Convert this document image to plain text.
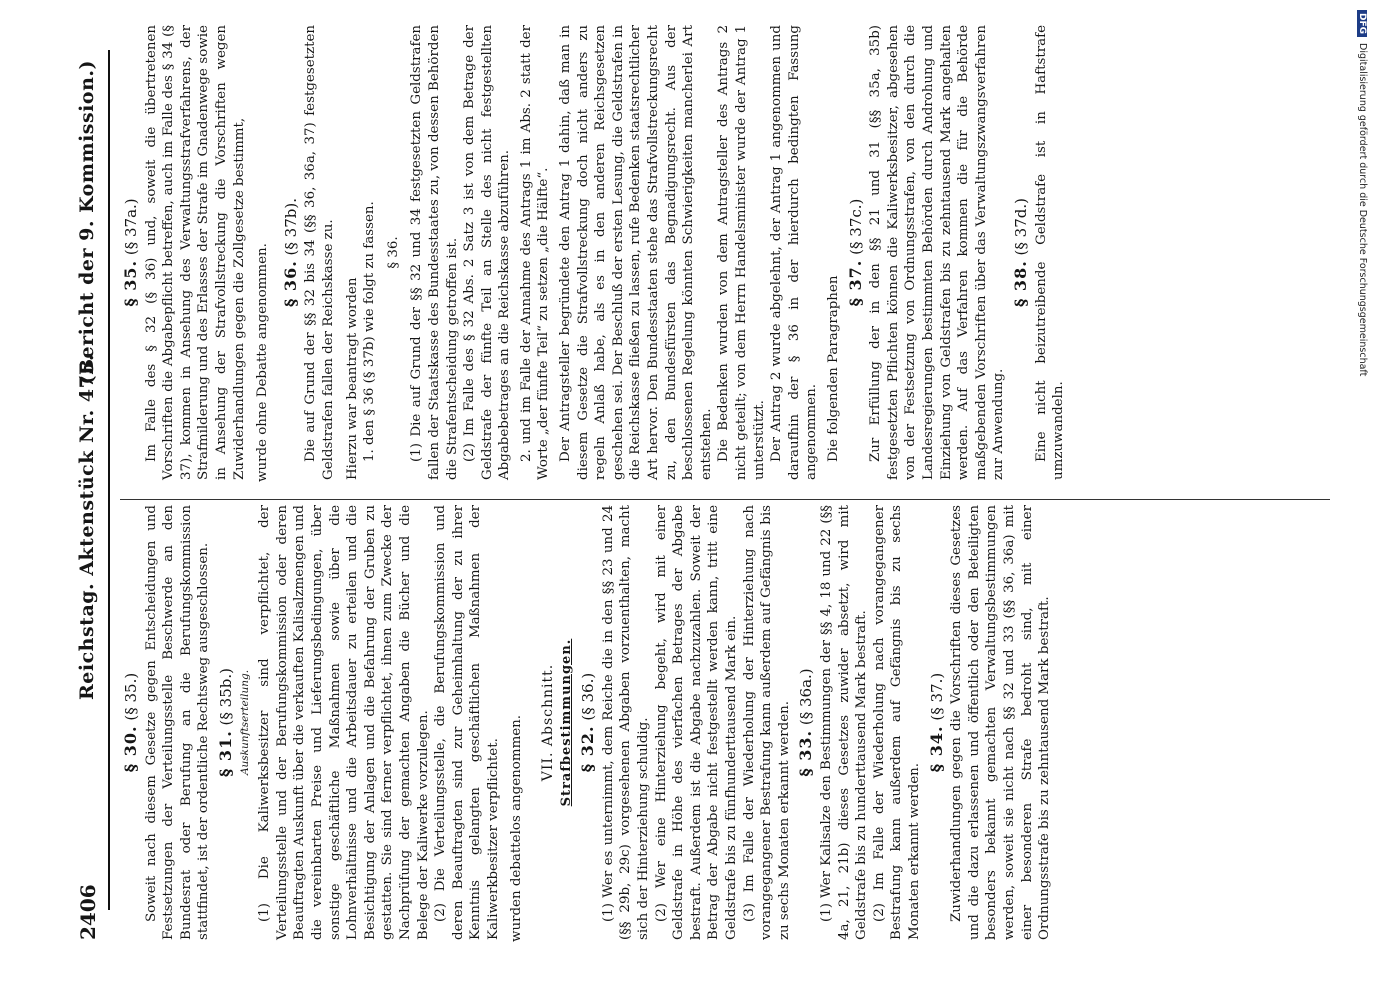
2406
Reichstag. Aktenstück Nr. 475.
(Bericht der 9. Kommission.)
§ 30. (§ 35.) Soweit nach diesem Gesetze gegen Entscheidungen und Festsetzungen der Verteilungsstelle Beschwerde an den Bundesrat oder Berufung an die Berufungskommission stattfindet, ist der ordentliche Rechtsweg ausgeschlossen. § 31. (§ 35b.) Auskunftserteilung. (1) Die Kaliwerksbesitzer sind verpflichtet, der Verteilungsstelle und der Berufungskommission oder deren Beauftragten Auskunft über die verkauften Kalisalzmengen und die vereinbarten Preise und Lieferungsbedingungen, über sonstige geschäftliche Maßnahmen sowie über die Lohnverhältnisse und die Arbeitsdauer zu erteilen und die Besichtigung der Anlagen und die Befahrung der Gruben zu gestatten. Sie sind ferner verpflichtet, ihnen zum Zwecke der Nachprüfung der gemachten Angaben die Bücher und die Belege der Kaliwerke vorzulegen. (2) Die Verteilungsstelle, die Berufungskommission und deren Beauftragten sind zur Geheimhaltung der zu ihrer Kenntnis gelangten geschäftlichen Maßnahmen der Kaliwerkbesitzer verpflichtet. wurden debattelos angenommen. VII. Abschnitt. Strafbestimmungen. § 32. (§ 36.) (1) Wer es unternimmt, dem Reiche die in den §§ 23 und 24 (§§ 29b, 29c) vorgesehenen Abgaben vorzuenthalten, macht sich der Hinterziehung schuldig. (2) Wer eine Hinterziehung begeht, wird mit einer Geldstrafe in Höhe des vierfachen Betrages der Abgabe bestraft. Außerdem ist die Abgabe nachzuzahlen. Soweit der Betrag der Abgabe nicht festgestellt werden kann, tritt eine Geldstrafe bis zu fünfhunderttausend Mark ein. (3) Im Falle der Wiederholung der Hinterziehung nach vorangegangener Bestrafung kann außerdem auf Gefängnis bis zu sechs Monaten erkannt werden. § 33. (§ 36a.) (1) Wer Kalisalze den Bestimmungen der §§ 4, 18 und 22 (§§ 4a, 21, 21b) dieses Gesetzes zuwider absetzt, wird mit Geldstrafe bis zu hunderttausend Mark bestraft. (2) Im Falle der Wiederholung nach vorangegangener Bestrafung kann außerdem auf Gefängnis bis zu sechs Monaten erkannt werden.

§ 34. (§ 37.) Zuwiderhandlungen gegen die Vorschriften dieses Gesetzes und die dazu erlassenen und öffentlich oder den Beteiligten besonders bekannt gemachten Verwaltungsbestimmungen werden, soweit sie nicht nach §§ 32 und 33 (§§ 36, 36a) mit einer besonderen Strafe bedroht sind, mit einer Ordnungsstrafe bis zu zehntausend Mark bestraft.

§ 35. (§ 37a.) Im Falle des § 32 (§ 36) und, soweit die übertretenen Vorschriften die Abgabepflicht betreffen, auch im Falle des § 34 (§ 37), kommen in Ansehung des Verwaltungsstrafverfahrens, der Strafmilderung und des Erlasses der Strafe im Gnadenwege sowie in Ansehung der Strafvollstreckung die Vorschriften wegen Zuwiderhandlungen gegen die Zollgesetze bestimmt, wurde ohne Debatte angenommen. § 36. (§ 37b). Die auf Grund der §§ 32 bis 34 (§§ 36, 36a, 37) festgesetzten Geldstrafen fallen der Reichskasse zu. Hierzu war beantragt worden 1. den § 36 (§ 37b) wie folgt zu fassen. § 36. (1) Die auf Grund der §§ 32 und 34 festgesetzten Geldstrafen fallen der Staatskasse des Bundesstaates zu, von dessen Behörden die Strafentscheidung getroffen ist. (2) Im Falle des § 32 Abs. 2 Satz 3 ist von dem Betrage der Geldstrafe der fünfte Teil an Stelle des nicht festgestellten Abgabebetrages an die Reichskasse abzuführen. 2. und im Falle der Annahme des Antrags 1 im Abs. 2 statt der Worte „der fünfte Teil“ zu setzen „die Hälfte“. Der Antragsteller begründete den Antrag 1 dahin, daß man in diesem Gesetze die Strafvollstreckung doch nicht anders zu regeln Anlaß habe, als es in den anderen Reichsgesetzen geschehen sei. Der Beschluß der ersten Lesung, die Geldstrafen in die Reichskasse fließen zu lassen, rufe Bedenken staatsrechtlicher Art hervor. Den Bundesstaaten stehe das Strafvollstreckungsrecht zu, den Bundesfürsten das Begnadigungsrecht. Aus der beschlossenen Regelung könnten Schwierigkeiten mancherlei Art entstehen. Die Bedenken wurden von dem Antragsteller des Antrags 2 nicht geteilt; von dem Herrn Handelsminister wurde der Antrag 1 unterstützt. Der Antrag 2 wurde abgelehnt, der Antrag 1 angenommen und daraufhin der § 36 in der hierdurch bedingten Fassung angenommen. Die folgenden Paragraphen § 37. (§ 37c.) Zur Erfüllung der in den §§ 21 und 31 (§§ 35a, 35b) festgesetzten Pflichten können die Kaliwerksbesitzer, abgesehen von der Festsetzung von Ordnungsstrafen, von den durch die Landesregierungen bestimmten Behörden durch Androhung und Einziehung von Geldstrafen bis zu zehntausend Mark angehalten werden. Auf das Verfahren kommen die für die Behörde maßgebenden Vorschriften über das Verwaltungszwangsverfahren zur Anwendung.

§ 38. (§ 37d.) Eine nicht beizutreibende Geldstrafe ist in Haftstrafe umzuwandeln.

DFGDigitalisierung gefördert durch die Deutsche Forschungsgemeinschaft
